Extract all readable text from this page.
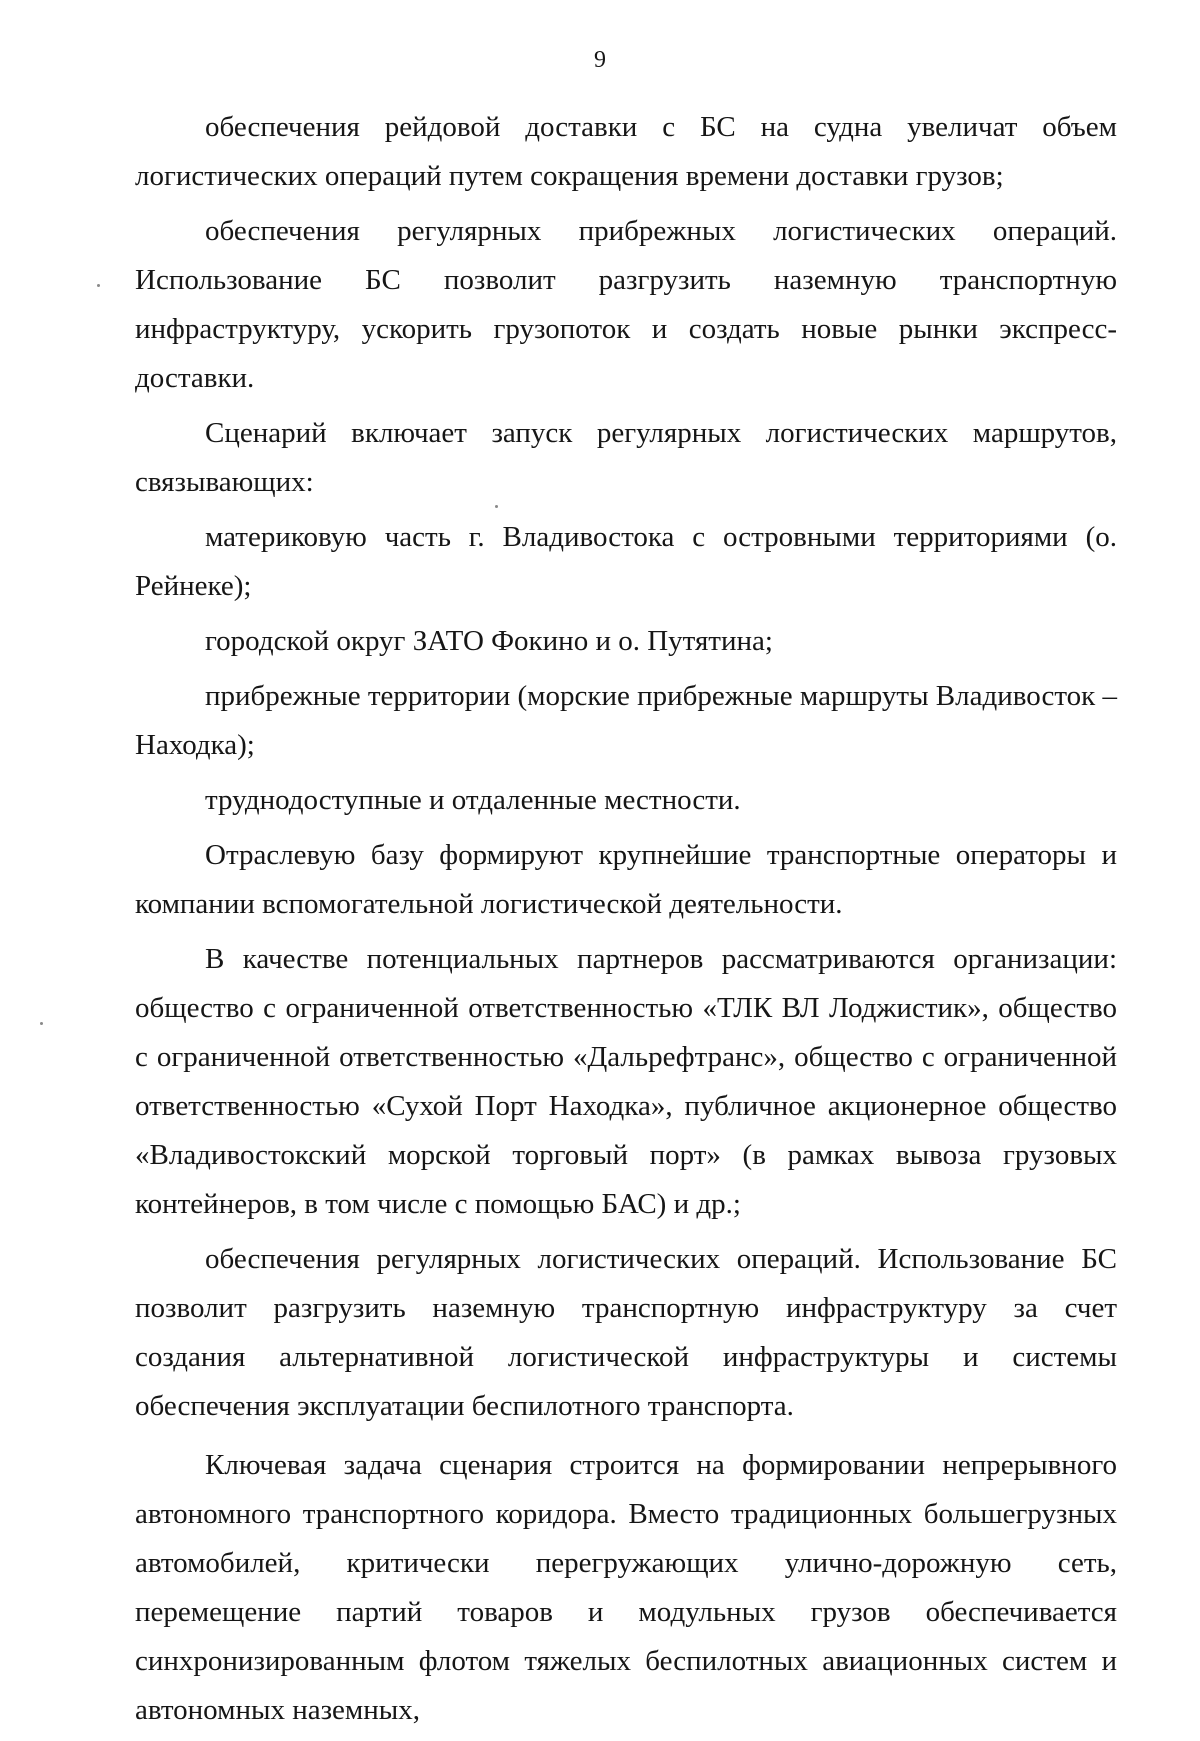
9

обеспечения рейдовой доставки с БС на судна увеличат объем логистических операций путем сокращения времени доставки грузов;

обеспечения регулярных прибрежных логистических операций. Использование БС позволит разгрузить наземную транспортную инфраструктуру, ускорить грузопоток и создать новые рынки экспресс-доставки.

Сценарий включает запуск регулярных логистических маршрутов, связывающих:

материковую часть г. Владивостока с островными территориями (о. Рейнеке);

городской округ ЗАТО Фокино и о. Путятина;

прибрежные территории (морские прибрежные маршруты Владивосток – Находка);

труднодоступные и отдаленные местности.

Отраслевую базу формируют крупнейшие транспортные операторы и компании вспомогательной логистической деятельности.

В качестве потенциальных партнеров рассматриваются организации: общество с ограниченной ответственностью «ТЛК ВЛ Лоджистик», общество с ограниченной ответственностью «Дальрефтранс», общество с ограниченной ответственностью «Сухой Порт Находка», публичное акционерное общество «Владивостокский морской торговый порт» (в рамках вывоза грузовых контейнеров, в том числе с помощью БАС) и др.;

обеспечения регулярных логистических операций. Использование БС позволит разгрузить наземную транспортную инфраструктуру за счет создания альтернативной логистической инфраструктуры и системы обеспечения эксплуатации беспилотного транспорта.

Ключевая задача сценария строится на формировании непрерывного автономного транспортного коридора. Вместо традиционных большегрузных автомобилей, критически перегружающих улично-дорожную сеть, перемещение партий товаров и модульных грузов обеспечивается синхронизированным флотом тяжелых беспилотных авиационных систем и автономных наземных,
